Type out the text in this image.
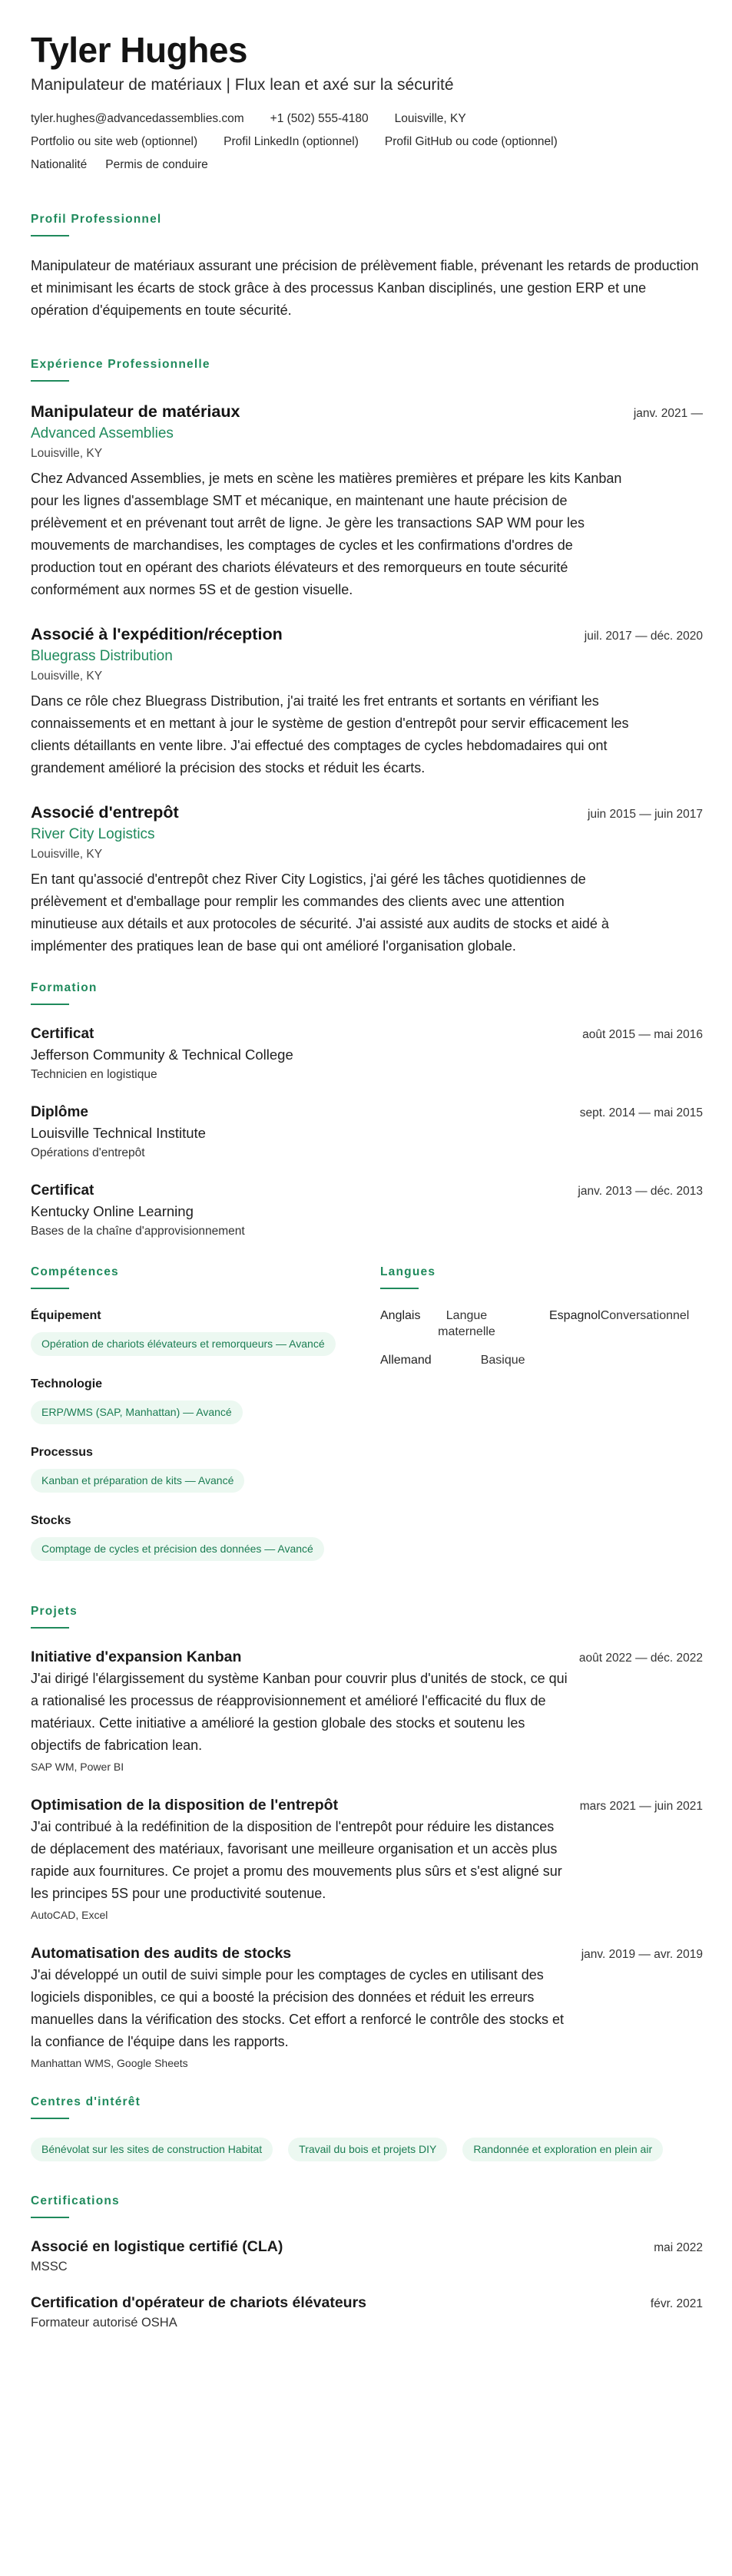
Tyler Hughes
Manipulateur de matériaux | Flux lean et axé sur la sécurité
tyler.hughes@advancedassemblies.com +1 (502) 555-4180 Louisville, KY
Portfolio ou site web (optionnel) Profil LinkedIn (optionnel) Profil GitHub ou code (optionnel)
Nationalité Permis de conduire
Profil Professionnel

Manipulateur de matériaux assurant une précision de prélèvement fiable, prévenant les retards de production et minimisant les écarts de stock grâce à des processus Kanban disciplinés, une gestion ERP et une opération d'équipements en toute sécurité.

Expérience Professionnelle
Manipulateur de matériaux	janv. 2021 —
Advanced Assemblies
Louisville, KY
Chez Advanced Assemblies, je mets en scène les matières premières et prépare les kits Kanban pour les lignes d'assemblage SMT et mécanique, en maintenant une haute précision de prélèvement et en prévenant tout arrêt de ligne. Je gère les transactions SAP WM pour les mouvements de marchandises, les comptages de cycles et les confirmations d'ordres de production tout en opérant des chariots élévateurs et des remorqueurs en toute sécurité conformément aux normes 5S et de gestion visuelle.
Associé à l'expédition/réception	juil. 2017 — déc. 2020
Bluegrass Distribution
Louisville, KY
Dans ce rôle chez Bluegrass Distribution, j'ai traité les fret entrants et sortants en vérifiant les connaissements et en mettant à jour le système de gestion d'entrepôt pour servir efficacement les clients détaillants en vente libre. J'ai effectué des comptages de cycles hebdomadaires qui ont grandement amélioré la précision des stocks et réduit les écarts.
Associé d'entrepôt	juin 2015 — juin 2017
River City Logistics
Louisville, KY
En tant qu'associé d'entrepôt chez River City Logistics, j'ai géré les tâches quotidiennes de prélèvement et d'emballage pour remplir les commandes des clients avec une attention minutieuse aux détails et aux protocoles de sécurité. J'ai assisté aux audits de stocks et aidé à implémenter des pratiques lean de base qui ont amélioré l'organisation globale.
Formation
Certificat	août 2015 — mai 2016
Jefferson Community & Technical College
Technicien en logistique
Diplôme	sept. 2014 — mai 2015
Louisville Technical Institute
Opérations d'entrepôt
Certificat	janv. 2013 — déc. 2013
Kentucky Online Learning
Bases de la chaîne d'approvisionnement
Compétences
Équipement
Opération de chariots élévateurs et remorqueurs — Avancé
Technologie
ERP/WMS (SAP, Manhattan) — Avancé
Processus
Kanban et préparation de kits — Avancé
Stocks
Comptage de cycles et précision des données — Avancé
Langues
Anglais	Langue maternelle
Espagnol Conversationnel
Allemand	Basique
Projets
Initiative d'expansion Kanban	août 2022 — déc. 2022
J'ai dirigé l'élargissement du système Kanban pour couvrir plus d'unités de stock, ce qui a rationalisé les processus de réapprovisionnement et amélioré l'efficacité du flux de matériaux. Cette initiative a amélioré la gestion globale des stocks et soutenu les objectifs de fabrication lean.
SAP WM, Power BI
Optimisation de la disposition de l'entrepôt	mars 2021 — juin 2021
J'ai contribué à la redéfinition de la disposition de l'entrepôt pour réduire les distances de déplacement des matériaux, favorisant une meilleure organisation et un accès plus rapide aux fournitures. Ce projet a promu des mouvements plus sûrs et s'est aligné sur les principes 5S pour une productivité soutenue.
AutoCAD, Excel
Automatisation des audits de stocks	janv. 2019 — avr. 2019
J'ai développé un outil de suivi simple pour les comptages de cycles en utilisant des logiciels disponibles, ce qui a boosté la précision des données et réduit les erreurs manuelles dans la vérification des stocks. Cet effort a renforcé le contrôle des stocks et la confiance de l'équipe dans les rapports.
Manhattan WMS, Google Sheets
Centres d'intérêt
Bénévolat sur les sites de construction Habitat	Travail du bois et projets DIY	Randonnée et exploration en plein air
Certifications
Associé en logistique certifié (CLA)	mai 2022
MSSC
Certification d'opérateur de chariots élévateurs	févr. 2021
Formateur autorisé OSHA
